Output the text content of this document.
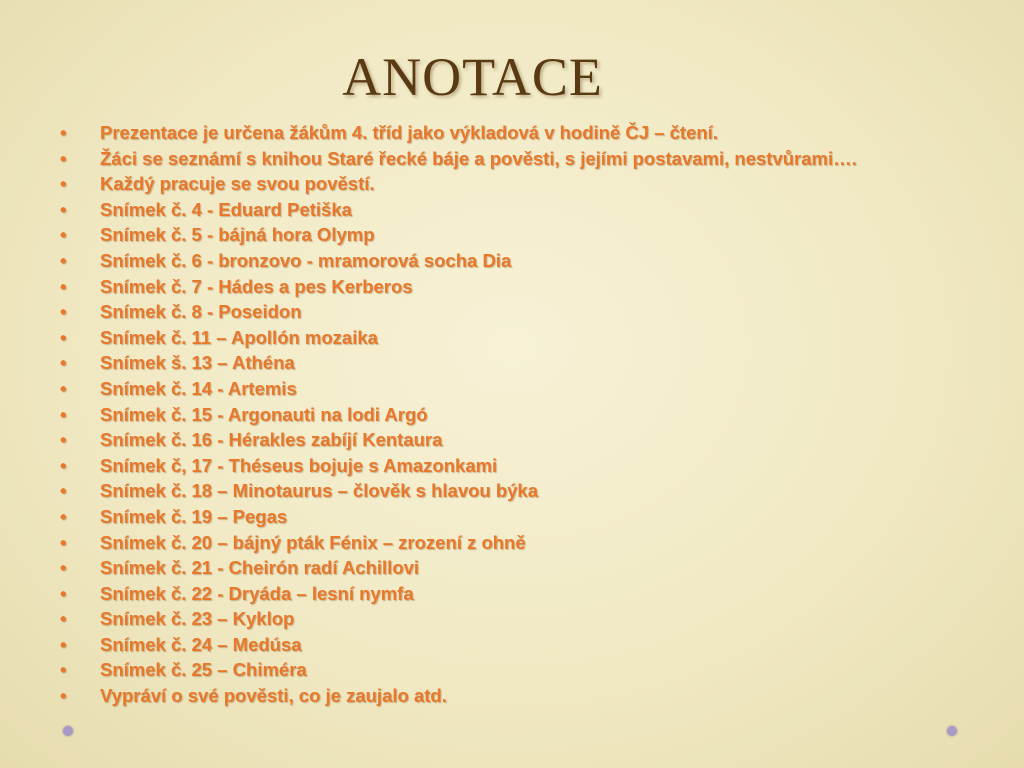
ANOTACE
•	Prezentace je určena žákům 4. tříd jako výkladová v hodině ČJ – čtení.
•	Žáci se seznámí s knihou Staré řecké báje a pověsti, s jejími postavami, nestvůrami….
•	Každý pracuje se svou pověstí.
•	Snímek č. 4 - Eduard Petiška
•	Snímek č. 5 - bájná hora Olymp
•	Snímek č. 6 - bronzovo - mramorová socha Dia
•	Snímek č. 7 - Hádes a pes Kerberos
•	Snímek č. 8 - Poseidon
•	Snímek č. 11 – Apollón mozaika
•	Snímek š. 13 – Athéna
•	Snímek č. 14 - Artemis
•	Snímek č. 15 - Argonauti na lodi Argó
•	Snímek č. 16 - Hérakles zabíjí Kentaura
•	Snímek č, 17 - Théseus bojuje s Amazonkami
•	Snímek č. 18 – Minotaurus – člověk s hlavou býka
•	Snímek č. 19 – Pegas
•	Snímek č. 20 – bájný pták Fénix – zrození z ohně
•	Snímek č. 21 - Cheirón radí Achillovi
•	Snímek č. 22 - Dryáda – lesní nymfa
•	Snímek č. 23 – Kyklop
•	Snímek č. 24 – Medúsa
•	Snímek č. 25 – Chiméra
•	Vypráví o své pověsti, co je zaujalo atd.
